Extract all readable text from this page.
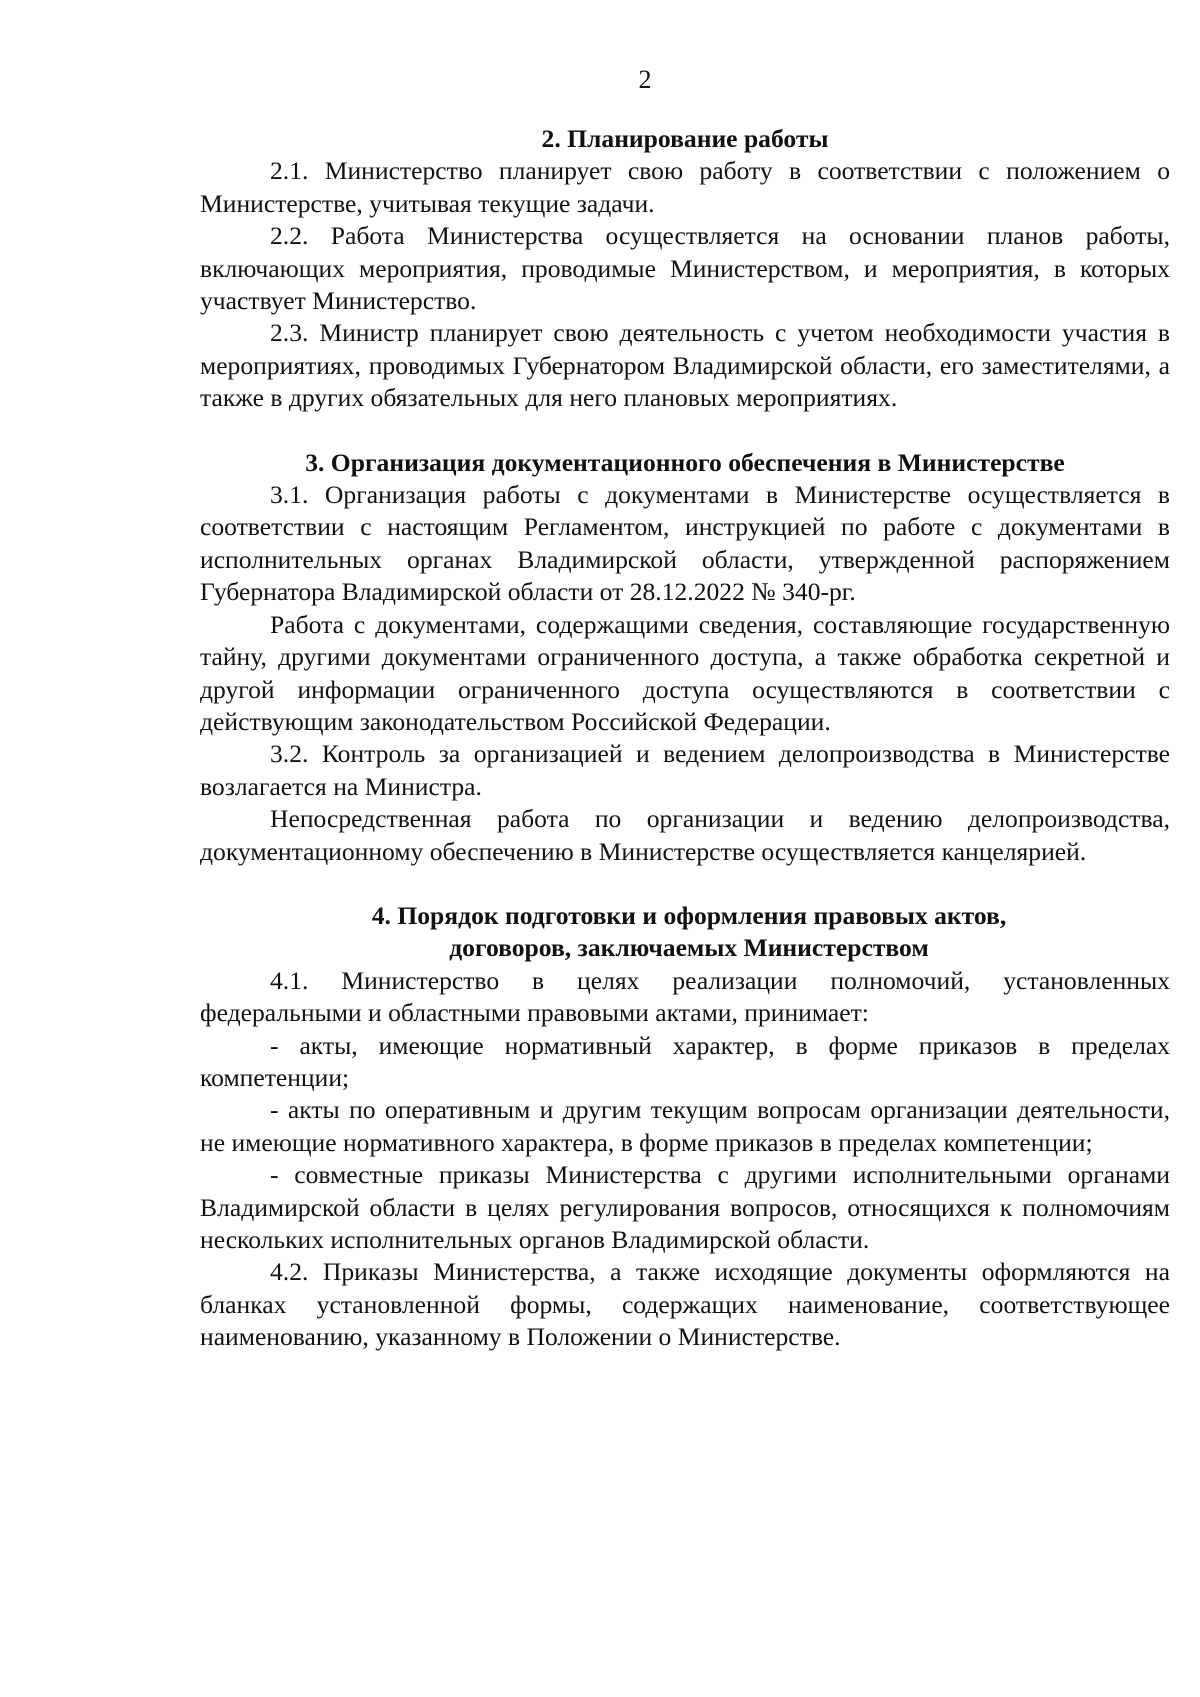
2

2. Планирование работы

2.1. Министерство планирует свою работу в соответствии с положением о Министерстве, учитывая текущие задачи.

2.2. Работа Министерства осуществляется на основании планов работы, включающих мероприятия, проводимые Министерством, и мероприятия, в которых участвует Министерство.

2.3. Министр планирует свою деятельность с учетом необходимости участия в мероприятиях, проводимых Губернатором Владимирской области, его заместителями, а также в других обязательных для него плановых мероприятиях.

3. Организация документационного обеспечения в Министерстве

3.1. Организация работы с документами в Министерстве осуществляется в соответствии с настоящим Регламентом, инструкцией по работе с документами в исполнительных органах Владимирской области, утвержденной распоряжением Губернатора Владимирской области от 28.12.2022 № 340-рг.

Работа с документами, содержащими сведения, составляющие государственную тайну, другими документами ограниченного доступа, а также обработка секретной и другой информации ограниченного доступа осуществляются в соответствии с действующим законодательством Российской Федерации.

3.2. Контроль за организацией и ведением делопроизводства в Министерстве возлагается на Министра.

Непосредственная работа по организации и ведению делопроизводства, документационному обеспечению в Министерстве осуществляется канцелярией.

4. Порядок подготовки и оформления правовых актов,

договоров, заключаемых Министерством

4.1. Министерство в целях реализации полномочий, установленных федеральными и областными правовыми актами, принимает:

- акты, имеющие нормативный характер, в форме приказов в пределах компетенции;

- акты по оперативным и другим текущим вопросам организации деятельности, не имеющие нормативного характера, в форме приказов в пределах компетенции;

- совместные приказы Министерства с другими исполнительными органами Владимирской области в целях регулирования вопросов, относящихся к полномочиям нескольких исполнительных органов Владимирской области.

4.2. Приказы Министерства, а также исходящие документы оформляются на бланках установленной формы, содержащих наименование, соответствующее наименованию, указанному в Положении о Министерстве.
